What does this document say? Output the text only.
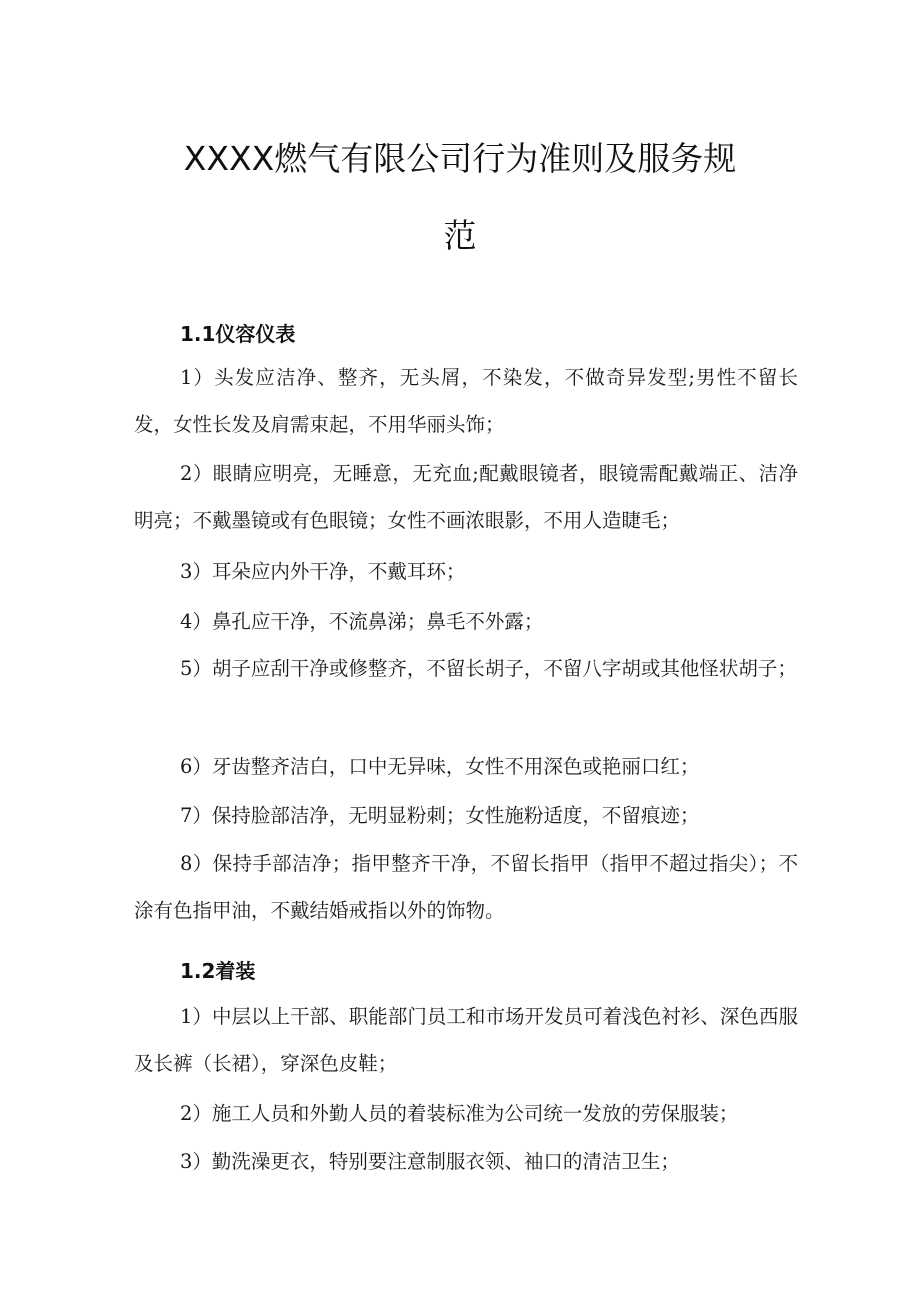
XXXX燃气有限公司行为准则及服务规
范
1.1仪容仪表

1）头发应洁净、整齐，无头屑，不染发，不做奇异发型;男性不留长发，女性长发及肩需束起，不用华丽头饰；

2）眼睛应明亮，无睡意，无充血;配戴眼镜者，眼镜需配戴端正、洁净明亮；不戴墨镜或有色眼镜；女性不画浓眼影，不用人造睫毛；

3）耳朵应内外干净，不戴耳环；

4）鼻孔应干净，不流鼻涕；鼻毛不外露；

5）胡子应刮干净或修整齐，不留长胡子，不留八字胡或其他怪状胡子；

6）牙齿整齐洁白，口中无异味，女性不用深色或艳丽口红；

7）保持脸部洁净，无明显粉刺；女性施粉适度，不留痕迹；

8）保持手部洁净；指甲整齐干净，不留长指甲（指甲不超过指尖）；不涂有色指甲油，不戴结婚戒指以外的饰物。

1.2着装

1）中层以上干部、职能部门员工和市场开发员可着浅色衬衫、深色西服及长裤（长裙），穿深色皮鞋；

2）施工人员和外勤人员的着装标准为公司统一发放的劳保服装；

3）勤洗澡更衣，特别要注意制服衣领、袖口的清洁卫生；
